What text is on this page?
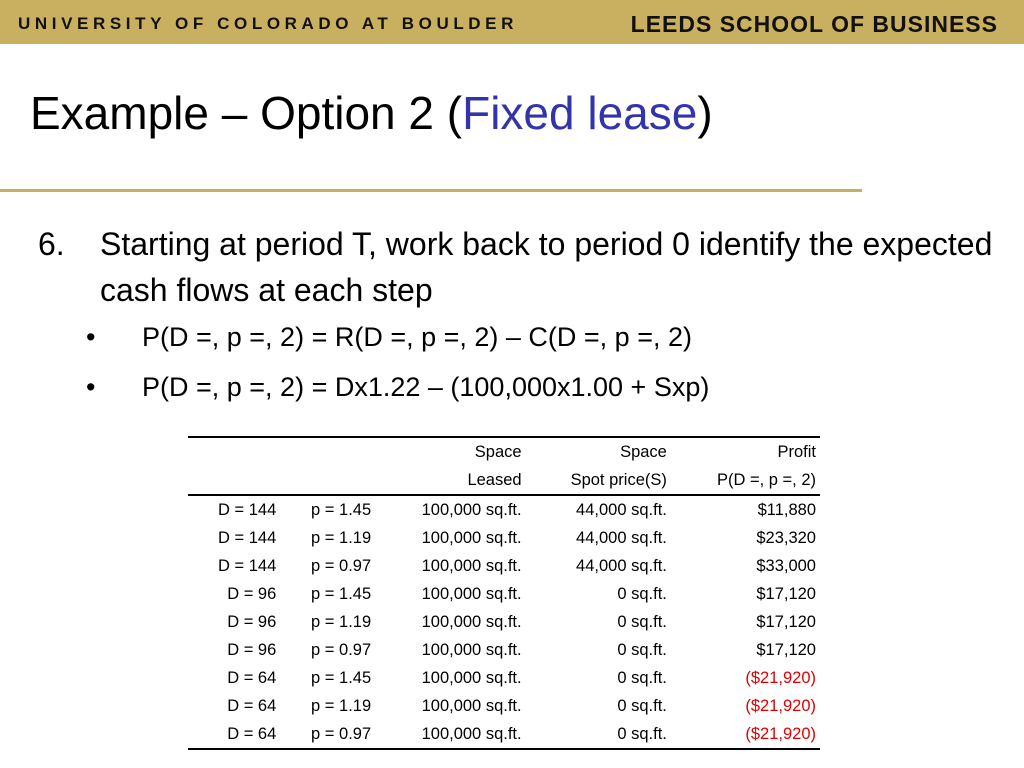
UNIVERSITY OF COLORADO AT BOULDER	LEEDS SCHOOL OF BUSINESS
Example – Option 2 (Fixed lease)
6. Starting at period T, work back to period 0 identify the expected cash flows at each step
• P(D =, p =, 2) = R(D =, p =, 2) – C(D =, p =, 2)
• P(D =, p =, 2) = Dx1.22 – (100,000x1.00 + Sxp)
		Space	Space	Profit
		Leased	Spot price(S)	P(D =, p =, 2)
D = 144	p = 1.45	100,000 sq.ft.	44,000 sq.ft.	$11,880
D = 144	p = 1.19	100,000 sq.ft.	44,000 sq.ft.	$23,320
D = 144	p = 0.97	100,000 sq.ft.	44,000 sq.ft.	$33,000
D = 96	p = 1.45	100,000 sq.ft.	0 sq.ft.	$17,120
D = 96	p = 1.19	100,000 sq.ft.	0 sq.ft.	$17,120
D = 96	p = 0.97	100,000 sq.ft.	0 sq.ft.	$17,120
D = 64	p = 1.45	100,000 sq.ft.	0 sq.ft.	($21,920)
D = 64	p = 1.19	100,000 sq.ft.	0 sq.ft.	($21,920)
D = 64	p = 0.97	100,000 sq.ft.	0 sq.ft.	($21,920)
